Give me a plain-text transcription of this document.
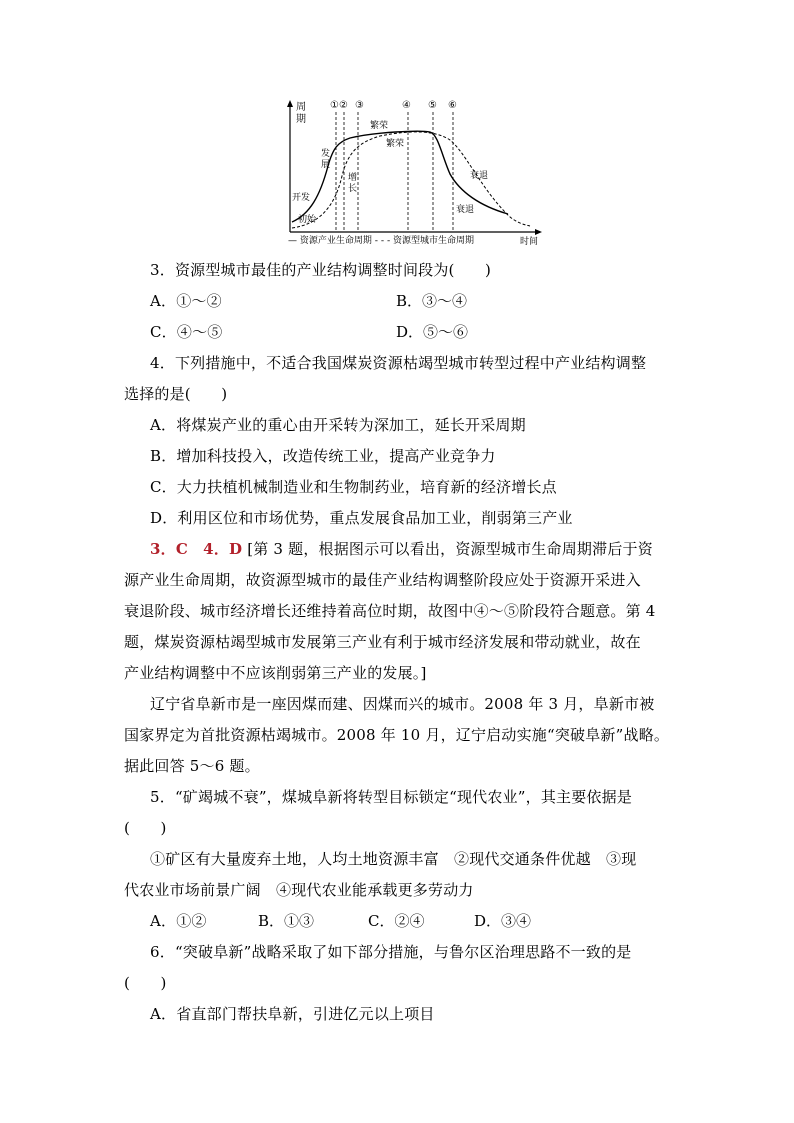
周
期
时间
①② ③	④ ⑤ ⑥
发
展
繁荣
繁荣
增
长
开发
初始
衰退
衰退
— 资源产业生命周期 - - - 资源型城市生命周期
3．资源型城市最佳的产业结构调整时间段为(　　)
A．①～②	B．③～④
C．④～⑤	D．⑤～⑥
4．下列措施中，不适合我国煤炭资源枯竭型城市转型过程中产业结构调整
选择的是(　　)
A．将煤炭产业的重心由开采转为深加工，延长开采周期
B．增加科技投入，改造传统工业，提高产业竞争力
C．大力扶植机械制造业和生物制药业，培育新的经济增长点
D．利用区位和市场优势，重点发展食品加工业，削弱第三产业
3．C　4．D [第 3 题，根据图示可以看出，资源型城市生命周期滞后于资
源产业生命周期，故资源型城市的最佳产业结构调整阶段应处于资源开采进入
衰退阶段、城市经济增长还维持着高位时期，故图中④～⑤阶段符合题意。第 4
题，煤炭资源枯竭型城市发展第三产业有利于城市经济发展和带动就业，故在
产业结构调整中不应该削弱第三产业的发展。]
辽宁省阜新市是一座因煤而建、因煤而兴的城市。2008 年 3 月，阜新市被
国家界定为首批资源枯竭城市。2008 年 10 月，辽宁启动实施“突破阜新”战略。
据此回答 5～6 题。
5．“矿竭城不衰”，煤城阜新将转型目标锁定“现代农业”，其主要依据是
(　　)
①矿区有大量废弃土地，人均土地资源丰富　②现代交通条件优越　③现
代农业市场前景广阔　④现代农业能承载更多劳动力
A．①②	B．①③	C．②④	D．③④
6．“突破阜新”战略采取了如下部分措施，与鲁尔区治理思路不一致的是
(　　)
A．省直部门帮扶阜新，引进亿元以上项目
